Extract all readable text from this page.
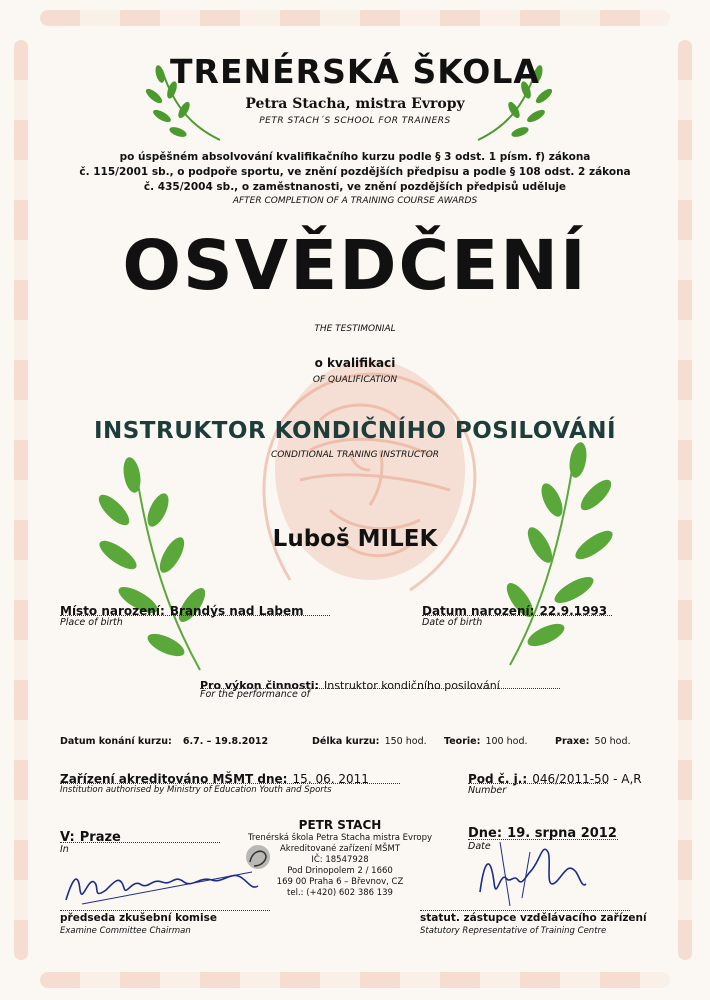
TRENÉRSKÁ ŠKOLA
Petra Stacha, mistra Evropy
PETR STACH´S SCHOOL FOR TRAINERS
po úspěšném absolvování kvalifikačního kurzu podle § 3 odst. 1 písm. f) zákona
č. 115/2001 sb., o podpoře sportu, ve znění pozdějších předpisu a podle § 108 odst. 2 zákona
č. 435/2004 sb., o zaměstnanosti, ve znění pozdějších předpisů uděluje
AFTER COMPLETION OF A TRAINING COURSE AWARDS
OSVĚDČENÍ
THE TESTIMONIAL
o kvalifikaci
OF QUALIFICATION
INSTRUKTOR KONDIČNÍHO POSILOVÁNÍ
CONDITIONAL TRANING INSTRUCTOR
Luboš MILEK
Místo narození: Brandýs nad Labem
Place of birth
Datum narození: 22.9.1993
Date of birth
Pro výkon činnosti: Instruktor kondičního posilování
For the performance of
Datum konání kurzu: 6.7. – 19.8.2012	Délka kurzu: 150 hod. Teorie: 100 hod.	Praxe: 50 hod.
Zařízení akreditováno MŠMT dne: 15. 06. 2011
Institution authorised by Ministry of Education Youth and Sports
Pod č. j.: 046/2011-50 - A,R
Number
V: Praze
In
PETR STACH
Trenérská škola Petra Stacha mistra Evropy
Akreditované zařízení MŠMT
IČ: 18547928
Pod Drinopolem 2 / 1660
169 00 Praha 6 – Břevnov, CZ
tel.: (+420) 602 386 139
Dne: 19. srpna 2012
Date
předseda zkušební komise
Examine Committee Chairman
statut. zástupce vzdělávacího zařízení
Statutory Representative of Training Centre
